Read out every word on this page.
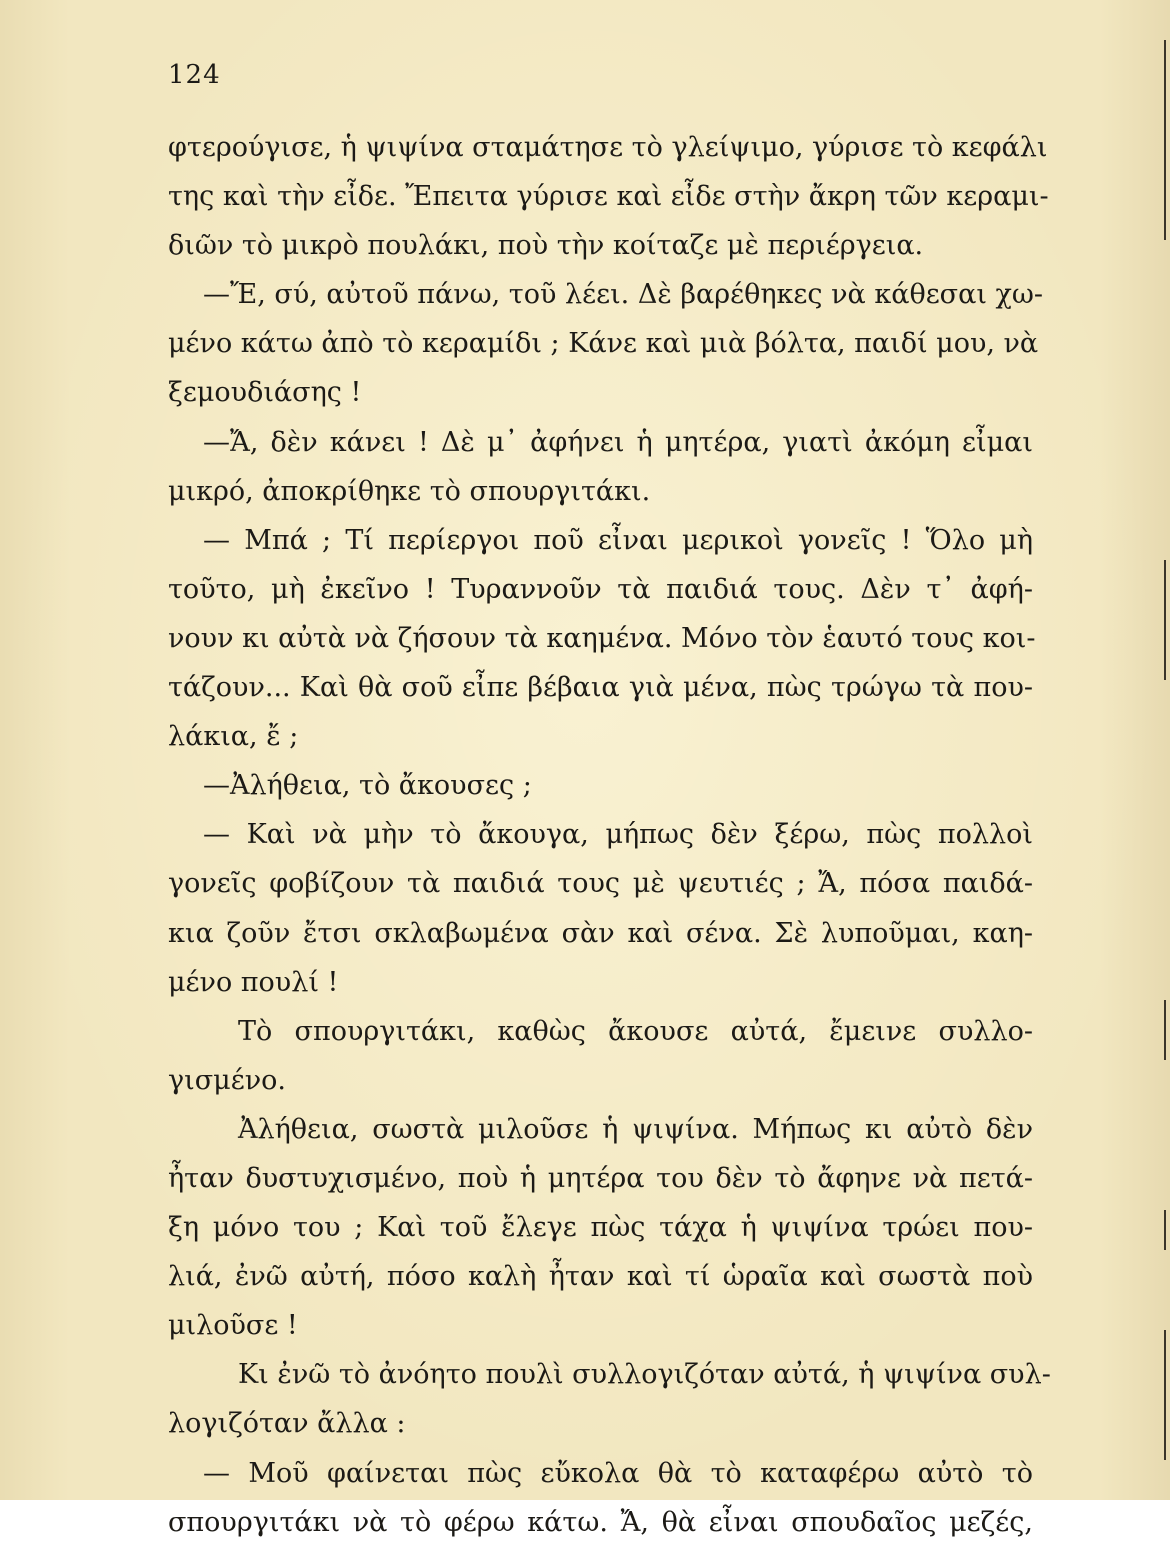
124

φτερούγισε, ἡ ψιψίνα σταμάτησε τὸ γλείψιμο, γύρισε τὸ κεφάλι
της καὶ τὴν εἶδε. Ἔπειτα γύρισε καὶ εἶδε στὴν ἄκρη τῶν κεραμι-
διῶν τὸ μικρὸ πουλάκι, ποὺ τὴν κοίταζε μὲ περιέργεια.
—Ἔ, σύ, αὐτοῦ πάνω, τοῦ λέει. Δὲ βαρέθηκες νὰ κάθεσαι χω-
μένο κάτω ἀπὸ τὸ κεραμίδι ; Κάνε καὶ μιὰ βόλτα, παιδί μου, νὰ
ξεμουδιάσης !
—Ἄ, δὲν κάνει ! Δὲ μ᾽ ἀφήνει ἡ μητέρα, γιατὶ ἀκόμη εἶμαι
μικρό, ἀποκρίθηκε τὸ σπουργιτάκι.
— Μπά ; Τί περίεργοι ποῦ εἶναι μερικοὶ γονεῖς ! Ὅλο μὴ
τοῦτο, μὴ ἐκεῖνο ! Τυραννοῦν τὰ παιδιά τους. Δὲν τ᾽ ἀφή-
νουν κι αὐτὰ νὰ ζήσουν τὰ καημένα. Μόνο τὸν ἑαυτό τους κοι-
τάζουν... Καὶ θὰ σοῦ εἶπε βέβαια γιὰ μένα, πὼς τρώγω τὰ που-
λάκια, ἔ ;
—Ἀλήθεια, τὸ ἄκουσες ;
— Καὶ νὰ μὴν τὸ ἄκουγα, μήπως δὲν ξέρω, πὼς πολλοὶ
γονεῖς φοβίζουν τὰ παιδιά τους μὲ ψευτιές ; Ἄ, πόσα παιδά-
κια ζοῦν ἔτσι σκλαβωμένα σὰν καὶ σένα. Σὲ λυποῦμαι, καη-
μένο πουλί !
Τὸ σπουργιτάκι, καθὼς ἄκουσε αὐτά, ἔμεινε συλλο-
γισμένο.
Ἀλήθεια, σωστὰ μιλοῦσε ἡ ψιψίνα. Μήπως κι αὐτὸ δὲν
ἦταν δυστυχισμένο, ποὺ ἡ μητέρα του δὲν τὸ ἄφηνε νὰ πετά-
ξη μόνο του ; Καὶ τοῦ ἔλεγε πὼς τάχα ἡ ψιψίνα τρώει που-
λιά, ἐνῶ αὐτή, πόσο καλὴ ἦταν καὶ τί ὡραῖα καὶ σωστὰ ποὺ
μιλοῦσε !
Κι ἐνῶ τὸ ἀνόητο πουλὶ συλλογιζόταν αὐτά, ἡ ψιψίνα συλ-
λογιζόταν ἄλλα :
— Μοῦ φαίνεται πὼς εὔκολα θὰ τὸ καταφέρω αὐτὸ τὸ
σπουργιτάκι νὰ τὸ φέρω κάτω. Ἄ, θὰ εἶναι σπουδαῖος μεζές,
